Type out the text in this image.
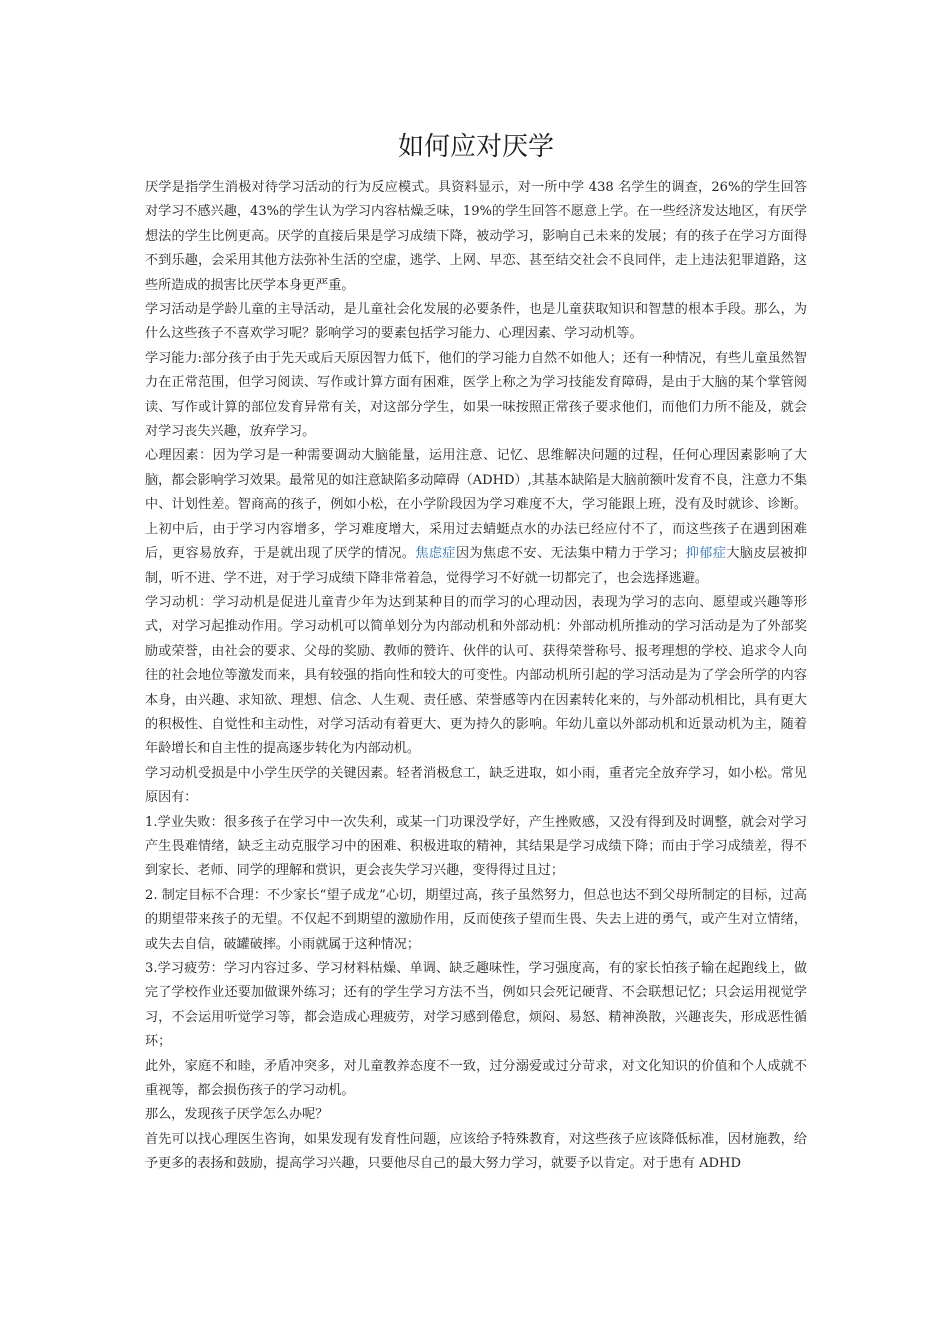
如何应对厌学

厌学是指学生消极对待学习活动的行为反应模式。具资料显示，对一所中学 438 名学生的调查，26%的学生回答对学习不感兴趣，43%的学生认为学习内容枯燥乏味，19%的学生回答不愿意上学。在一些经济发达地区，有厌学想法的学生比例更高。厌学的直接后果是学习成绩下降，被动学习，影响自己未来的发展；有的孩子在学习方面得不到乐趣，会采用其他方法弥补生活的空虚，逃学、上网、早恋、甚至结交社会不良同伴，走上违法犯罪道路，这些所造成的损害比厌学本身更严重。

学习活动是学龄儿童的主导活动，是儿童社会化发展的必要条件，也是儿童获取知识和智慧的根本手段。那么，为什么这些孩子不喜欢学习呢？影响学习的要素包括学习能力、心理因素、学习动机等。

学习能力:部分孩子由于先天或后天原因智力低下，他们的学习能力自然不如他人；还有一种情况，有些儿童虽然智力在正常范围，但学习阅读、写作或计算方面有困难，医学上称之为学习技能发育障碍，是由于大脑的某个掌管阅读、写作或计算的部位发育异常有关，对这部分学生，如果一味按照正常孩子要求他们，而他们力所不能及，就会对学习丧失兴趣，放弃学习。

心理因素：因为学习是一种需要调动大脑能量，运用注意、记忆、思维解决问题的过程，任何心理因素影响了大脑，都会影响学习效果。最常见的如注意缺陷多动障碍（ADHD）,其基本缺陷是大脑前额叶发育不良，注意力不集中、计划性差。智商高的孩子，例如小松，在小学阶段因为学习难度不大，学习能跟上班，没有及时就诊、诊断。上初中后，由于学习内容增多，学习难度增大，采用过去蜻蜓点水的办法已经应付不了，而这些孩子在遇到困难后，更容易放弃，于是就出现了厌学的情况。焦虑症因为焦虑不安、无法集中精力于学习；抑郁症大脑皮层被抑制，听不进、学不进，对于学习成绩下降非常着急，觉得学习不好就一切都完了，也会选择逃避。

学习动机：学习动机是促进儿童青少年为达到某种目的而学习的心理动因，表现为学习的志向、愿望或兴趣等形式，对学习起推动作用。学习动机可以简单划分为内部动机和外部动机：外部动机所推动的学习活动是为了外部奖励或荣誉，由社会的要求、父母的奖励、教师的赞许、伙伴的认可、获得荣誉称号、报考理想的学校、追求令人向往的社会地位等激发而来，具有较强的指向性和较大的可变性。内部动机所引起的学习活动是为了学会所学的内容本身，由兴趣、求知欲、理想、信念、人生观、责任感、荣誉感等内在因素转化来的，与外部动机相比，具有更大的积极性、自觉性和主动性，对学习活动有着更大、更为持久的影响。年幼儿童以外部动机和近景动机为主，随着年龄增长和自主性的提高逐步转化为内部动机。

学习动机受损是中小学生厌学的关键因素。轻者消极怠工，缺乏进取，如小雨，重者完全放弃学习，如小松。常见原因有：

1.学业失败：很多孩子在学习中一次失利，或某一门功课没学好，产生挫败感，又没有得到及时调整，就会对学习产生畏难情绪，缺乏主动克服学习中的困难、积极进取的精神，其结果是学习成绩下降；而由于学习成绩差，得不到家长、老师、同学的理解和赏识，更会丧失学习兴趣，变得得过且过；

2. 制定目标不合理：不少家长“望子成龙”心切，期望过高，孩子虽然努力，但总也达不到父母所制定的目标，过高的期望带来孩子的无望。不仅起不到期望的激励作用，反而使孩子望而生畏、失去上进的勇气，或产生对立情绪，或失去自信，破罐破摔。小雨就属于这种情况；

3.学习疲劳：学习内容过多、学习材料枯燥、单调、缺乏趣味性，学习强度高，有的家长怕孩子输在起跑线上，做完了学校作业还要加做课外练习；还有的学生学习方法不当，例如只会死记硬背、不会联想记忆；只会运用视觉学习，不会运用听觉学习等，都会造成心理疲劳，对学习感到倦怠，烦闷、易怒、精神涣散，兴趣丧失，形成恶性循环；

此外，家庭不和睦，矛盾冲突多，对儿童教养态度不一致，过分溺爱或过分苛求，对文化知识的价值和个人成就不重视等，都会损伤孩子的学习动机。

那么，发现孩子厌学怎么办呢？

首先可以找心理医生咨询，如果发现有发育性问题，应该给予特殊教育，对这些孩子应该降低标准，因材施教，给予更多的表扬和鼓励，提高学习兴趣，只要他尽自己的最大努力学习，就要予以肯定。对于患有 ADHD
